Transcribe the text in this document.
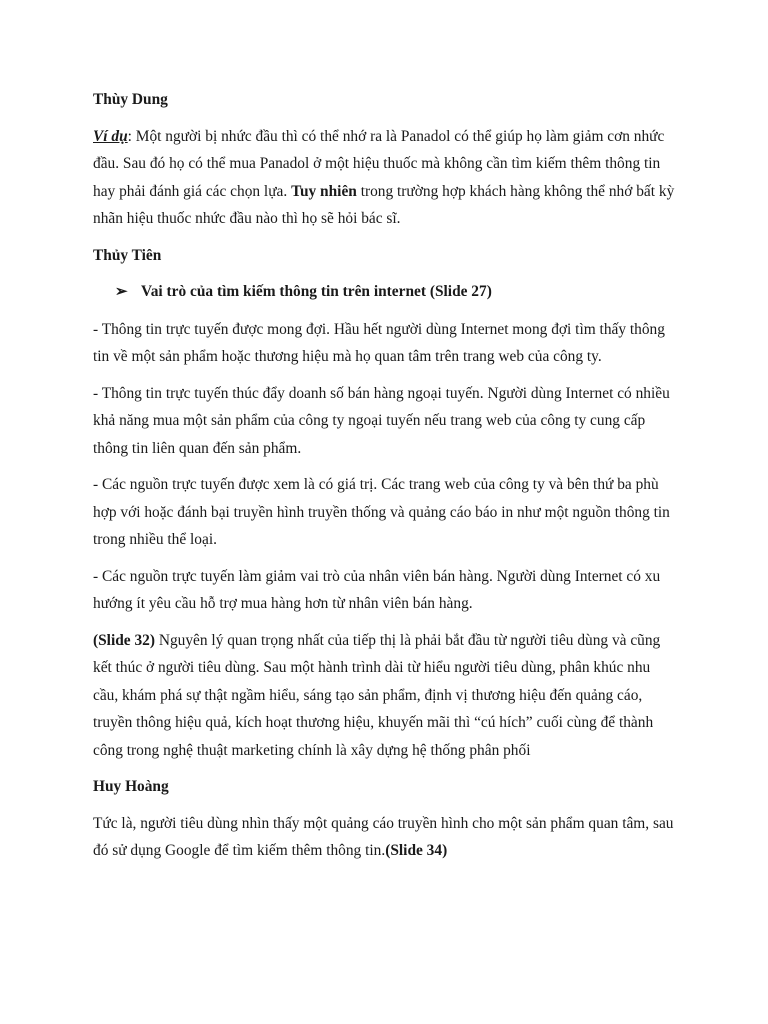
Thùy Dung

Ví dụ: Một người bị nhức đầu thì có thể nhớ ra là Panadol có thể giúp họ làm giảm cơn nhức đầu. Sau đó họ có thể mua Panadol ở một hiệu thuốc mà không cần tìm kiếm thêm thông tin hay phải đánh giá các chọn lựa. Tuy nhiên trong trường hợp khách hàng không thể nhớ bất kỳ nhãn hiệu thuốc nhức đầu nào thì họ sẽ hỏi bác sĩ.

Thủy Tiên

➢ Vai trò của tìm kiếm thông tin trên internet (Slide 27)

- Thông tin trực tuyến được mong đợi. Hầu hết người dùng Internet mong đợi tìm thấy thông tin về một sản phẩm hoặc thương hiệu mà họ quan tâm trên trang web của công ty.

- Thông tin trực tuyến thúc đẩy doanh số bán hàng ngoại tuyến. Người dùng Internet có nhiều khả năng mua một sản phẩm của công ty ngoại tuyến nếu trang web của công ty cung cấp thông tin liên quan đến sản phẩm.

- Các nguồn trực tuyến được xem là có giá trị. Các trang web của công ty và bên thứ ba phù hợp với hoặc đánh bại truyền hình truyền thống và quảng cáo báo in như một nguồn thông tin trong nhiều thể loại.

- Các nguồn trực tuyến làm giảm vai trò của nhân viên bán hàng. Người dùng Internet có xu hướng ít yêu cầu hỗ trợ mua hàng hơn từ nhân viên bán hàng.

(Slide 32) Nguyên lý quan trọng nhất của tiếp thị là phải bắt đầu từ người tiêu dùng và cũng kết thúc ở người tiêu dùng. Sau một hành trình dài từ hiểu người tiêu dùng, phân khúc nhu cầu, khám phá sự thật ngầm hiểu, sáng tạo sản phẩm, định vị thương hiệu đến quảng cáo, truyền thông hiệu quả, kích hoạt thương hiệu, khuyến mãi thì “cú hích” cuối cùng để thành công trong nghệ thuật marketing chính là xây dựng hệ thống phân phối

Huy Hoàng

Tức là, người tiêu dùng nhìn thấy một quảng cáo truyền hình cho một sản phẩm quan tâm, sau đó sử dụng Google để tìm kiếm thêm thông tin.(Slide 34)
